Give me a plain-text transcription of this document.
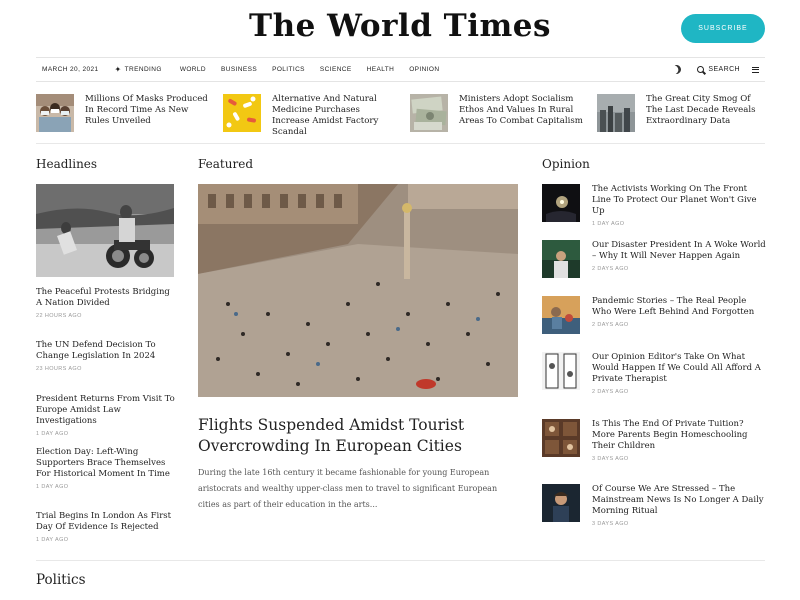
The World Times	SUBSCRIBE
MARCH 20, 2021 ✦ TRENDING	WORLD BUSINESS POLITICS SCIENCE HEALTH OPINION	SEARCH
Millions Of Masks Produced In Record Time As New Rules Unveiled
Alternative And Natural Medicine Purchases Increase Amidst Factory Scandal
Ministers Adopt Socialism Ethos And Values In Rural Areas To Combat Capitalism
The Great City Smog Of The Last Decade Reveals Extraordinary Data
Headlines	Featured	Opinion
The Peaceful Protests Bridging A Nation Divided
22 HOURS AGO
The UN Defend Decision To Change Legislation In 2024
23 HOURS AGO
President Returns From Visit To Europe Amidst Law Investigations
1 DAY AGO
Election Day: Left-Wing Supporters Brace Themselves For Historical Moment In Time
1 DAY AGO
Trial Begins In London As First Day Of Evidence Is Rejected
1 DAY AGO
Flights Suspended Amidst Tourist Overcrowding In European Cities
During the late 16th century it became fashionable for young European aristocrats and wealthy upper-class men to travel to significant European cities as part of their education in the arts...
The Activists Working On The Front Line To Protect Our Planet Won't Give Up
1 DAY AGO
Our Disaster President In A Woke World – Why It Will Never Happen Again
2 DAYS AGO
Pandemic Stories – The Real People Who Were Left Behind And Forgotten
2 DAYS AGO
Our Opinion Editor's Take On What Would Happen If We Could All Afford A Private Therapist
2 DAYS AGO
Is This The End Of Private Tuition? More Parents Begin Homeschooling Their Children
3 DAYS AGO
Of Course We Are Stressed – The Mainstream News Is No Longer A Daily Morning Ritual
3 DAYS AGO
Politics
